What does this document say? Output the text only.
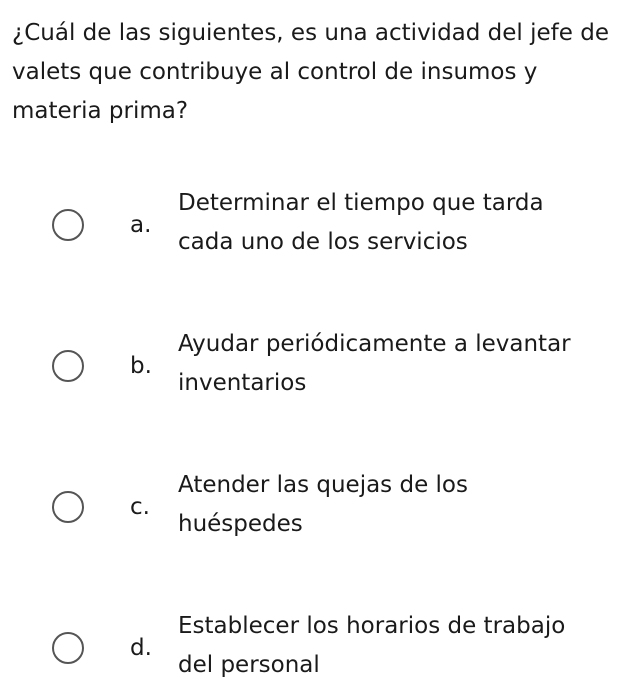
¿Cuál de las siguientes, es una actividad del jefe de valets que contribuye al control de insumos y materia prima?

a.
Determinar el tiempo que tarda cada uno de los servicios
b.
Ayudar periódicamente a levantar inventarios
c.
Atender las quejas de los huéspedes
d.
Establecer los horarios de trabajo del personal
